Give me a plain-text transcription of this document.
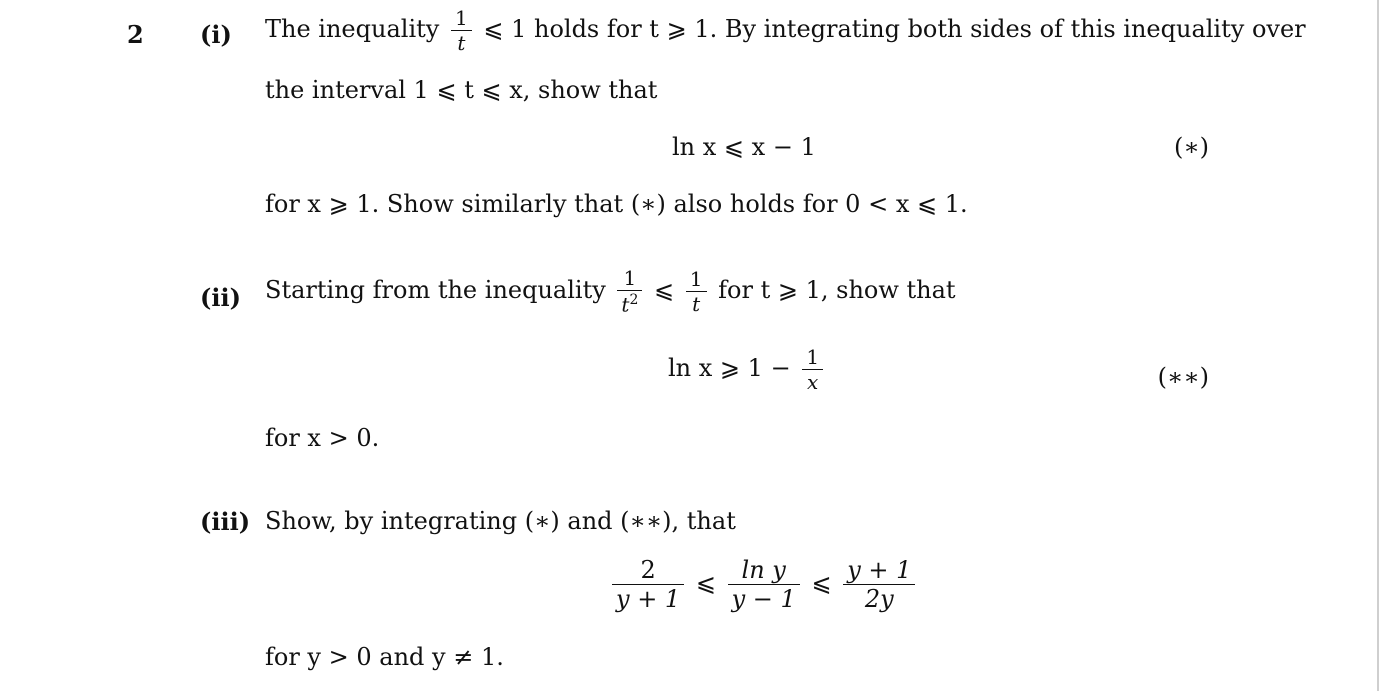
2 (i) The inequality $\frac{1}{t}$ ⩽ 1 holds for t ⩾ 1. By integrating both sides of this inequality over
the interval 1 ⩽ t ⩽ x, show that
ln x ⩽ x − 1	(∗)
for x ⩾ 1. Show similarly that (∗) also holds for 0 < x ⩽ 1.
(ii) Starting from the inequality $\frac{1}{t^2}$ ⩽ $\frac{1}{t}$ for t ⩾ 1, show that
ln x ⩾ $1 - \frac{1}{x}$	(∗∗)
for x > 0.
(iii) Show, by integrating (∗) and (∗∗), that
$\frac{2}{y + 1}$ ⩽ $\frac{\text{ln y}}{y - 1}$ ⩽ $\frac{y + 1}{2y}$
for y > 0 and y ≠ 1.
